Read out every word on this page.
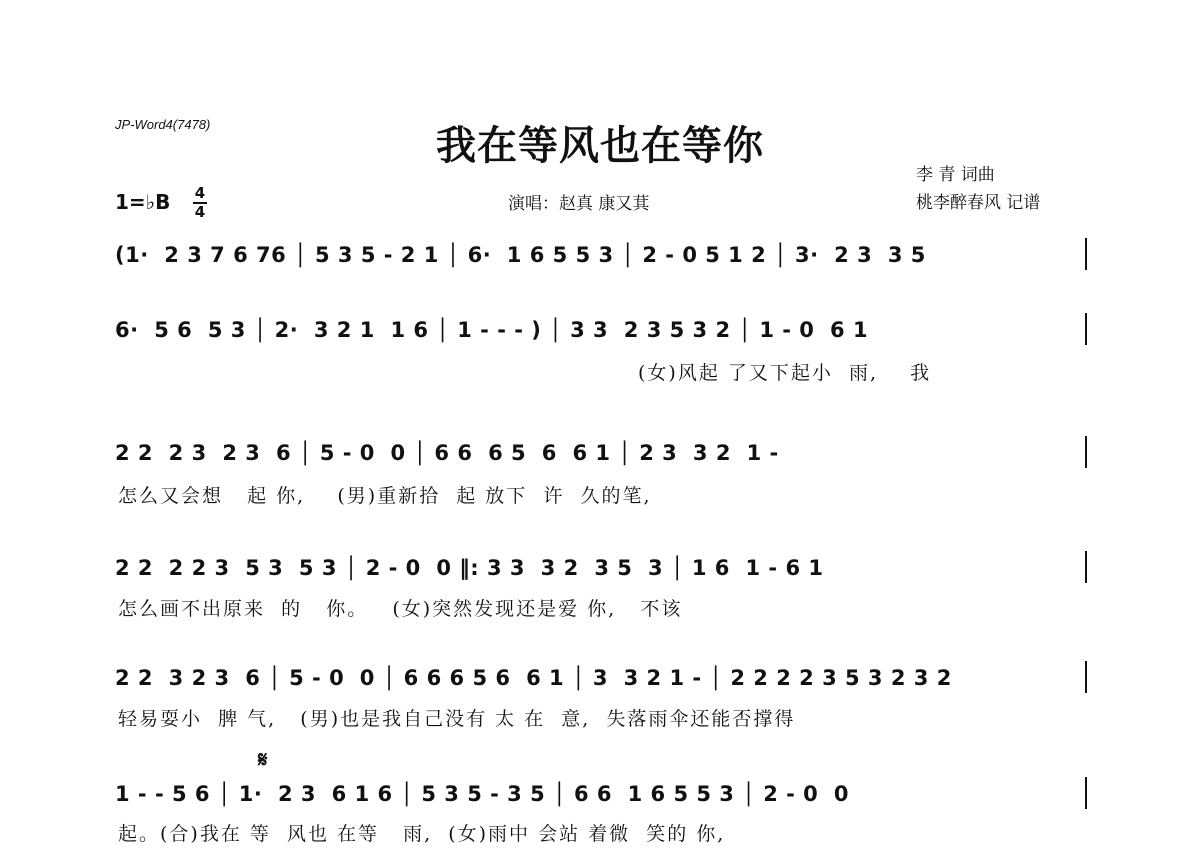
JP-Word4(7478)	我在等风也在等你
李 青 词曲
桃李醉春风 记谱
演唱：赵真 康又萁
1=♭B 4
4
𝄋
(1·  2 3 7 6 76 │ 5 3 5 - 2 1 │ 6·  1 6 5 5 3 │ 2 - 0 5 1 2 │ 3·  2 3  3 5
6·  5 6  5 3 │ 2·  3 2 1  1 6 │ 1 - - - ) │ 3 3  2 3 5 3 2 │ 1 - 0  6 1
(女)风起 了又下起小  雨,    我
2 2  2 3  2 3  6 │ 5 - 0  0 │ 6 6  6 5  6  6 1 │ 2 3  3 2  1 -
怎么又会想   起 你,    (男)重新拾  起 放下  许  久的笔,
2 2  2 2 3  5 3  5 3 │ 2 - 0  0 ‖: 3 3  3 2  3 5  3 │ 1 6  1 - 6 1
怎么画不出原来  的   你。   (女)突然发现还是爱 你,   不该
2 2  3 2 3  6 │ 5 - 0  0 │ 6 6 6 5 6  6 1 │ 3  3 2 1 - │ 2 2 2 2 3 5 3 2 3 2
轻易耍小  脾 气,   (男)也是我自己没有 太 在  意,  失落雨伞还能否撑得
1 - - 5 6 │ 1·  2 3  6 1 6 │ 5 3 5 - 3 5 │ 6 6  1 6 5 5 3 │ 2 - 0  0
起。(合)我在 等  风也 在等   雨,  (女)雨中 会站 着微  笑的 你,
